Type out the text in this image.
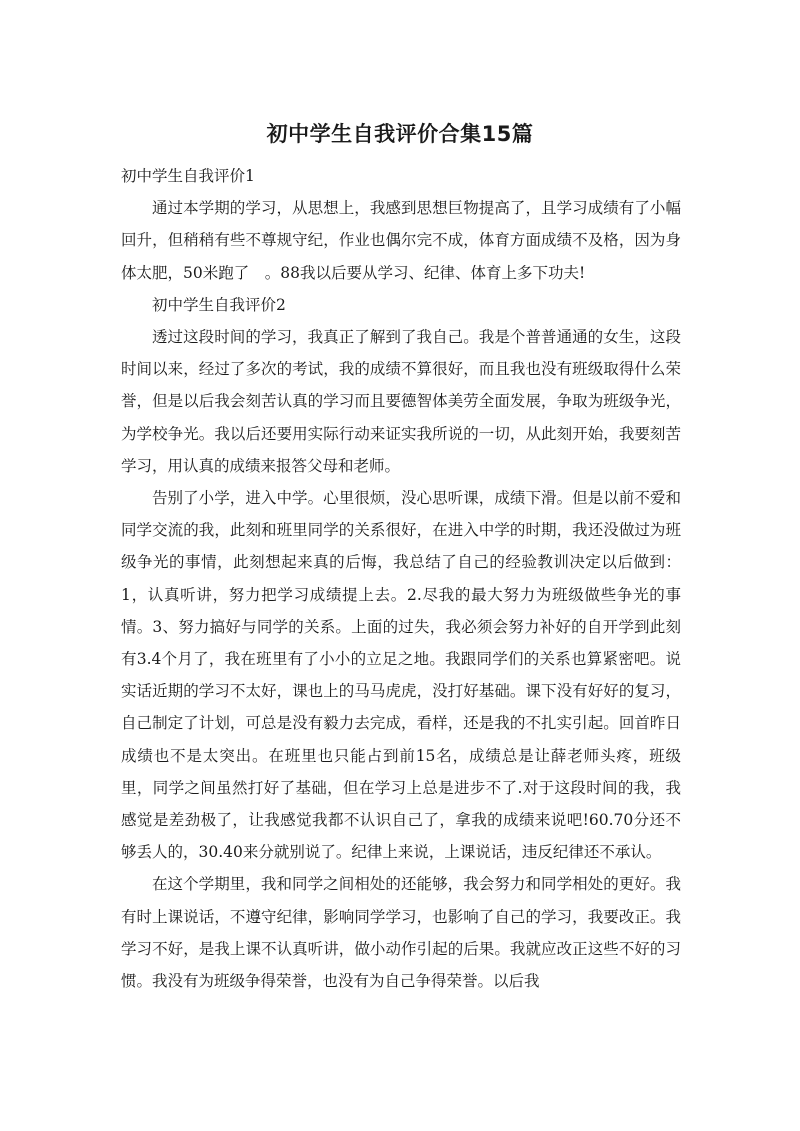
初中学生自我评价合集15篇

初中学生自我评价1

通过本学期的学习，从思想上，我感到思想巨物提高了，且学习成绩有了小幅回升，但稍稍有些不尊规守纪，作业也偶尔完不成，体育方面成绩不及格，因为身体太肥，50米跑了　。88我以后要从学习、纪律、体育上多下功夫!

初中学生自我评价2

透过这段时间的学习，我真正了解到了我自己。我是个普普通通的女生，这段时间以来，经过了多次的考试，我的成绩不算很好，而且我也没有班级取得什么荣誉，但是以后我会刻苦认真的学习而且要德智体美劳全面发展，争取为班级争光，为学校争光。我以后还要用实际行动来证实我所说的一切，从此刻开始，我要刻苦学习，用认真的成绩来报答父母和老师。

告别了小学，进入中学。心里很烦，没心思听课，成绩下滑。但是以前不爱和同学交流的我，此刻和班里同学的关系很好，在进入中学的时期，我还没做过为班级争光的事情，此刻想起来真的后悔，我总结了自己的经验教训决定以后做到：1，认真听讲，努力把学习成绩提上去。2.尽我的最大努力为班级做些争光的事情。3、努力搞好与同学的关系。上面的过失，我必须会努力补好的自开学到此刻有3.4个月了，我在班里有了小小的立足之地。我跟同学们的关系也算紧密吧。说实话近期的学习不太好，课也上的马马虎虎，没打好基础。课下没有好好的复习，自己制定了计划，可总是没有毅力去完成，看样，还是我的不扎实引起。回首昨日成绩也不是太突出。在班里也只能占到前15名，成绩总是让薛老师头疼，班级里，同学之间虽然打好了基础，但在学习上总是进步不了.对于这段时间的我，我感觉是差劲极了，让我感觉我都不认识自己了，拿我的成绩来说吧!60.70分还不够丢人的，30.40来分就别说了。纪律上来说，上课说话，违反纪律还不承认。

在这个学期里，我和同学之间相处的还能够，我会努力和同学相处的更好。我有时上课说话，不遵守纪律，影响同学学习，也影响了自己的学习，我要改正。我学习不好，是我上课不认真听讲，做小动作引起的后果。我就应改正这些不好的习惯。我没有为班级争得荣誉，也没有为自己争得荣誉。以后我
